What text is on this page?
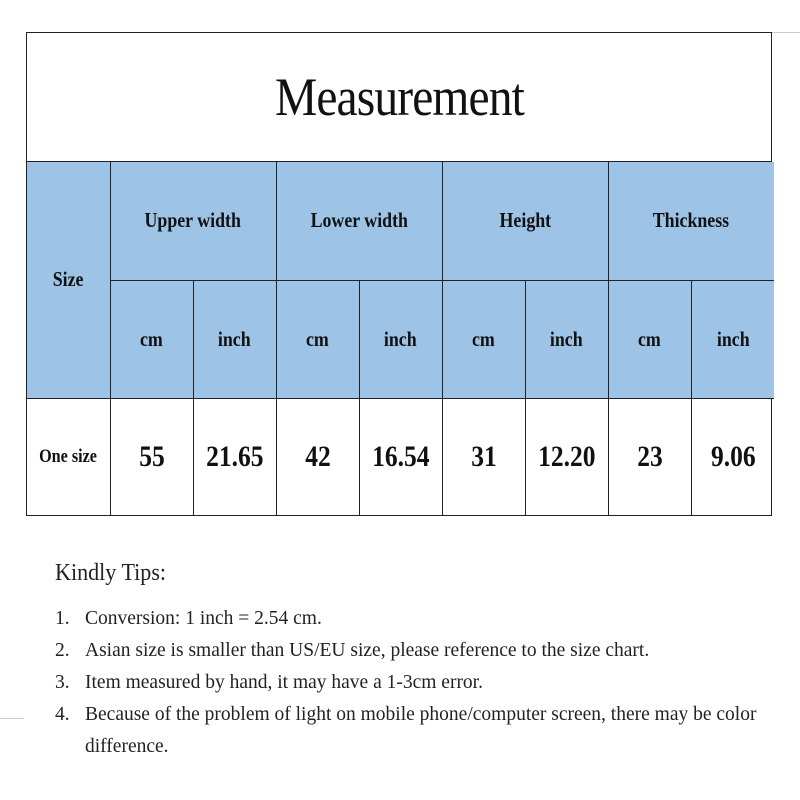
Measurement
Size	Upper width		Lower width		Height		Thickness	
	cm	inch	cm	inch	cm	inch	cm	inch
One size	55	21.65	42	16.54	31	12.20	23	9.06
Kindly Tips:
1. Conversion: 1 inch = 2.54 cm.
2. Asian size is smaller than US/EU size, please reference to the size chart.
3. Item measured by hand, it may have a 1-3cm error.
4. Because of the problem of light on mobile phone/computer screen, there may be color difference.
